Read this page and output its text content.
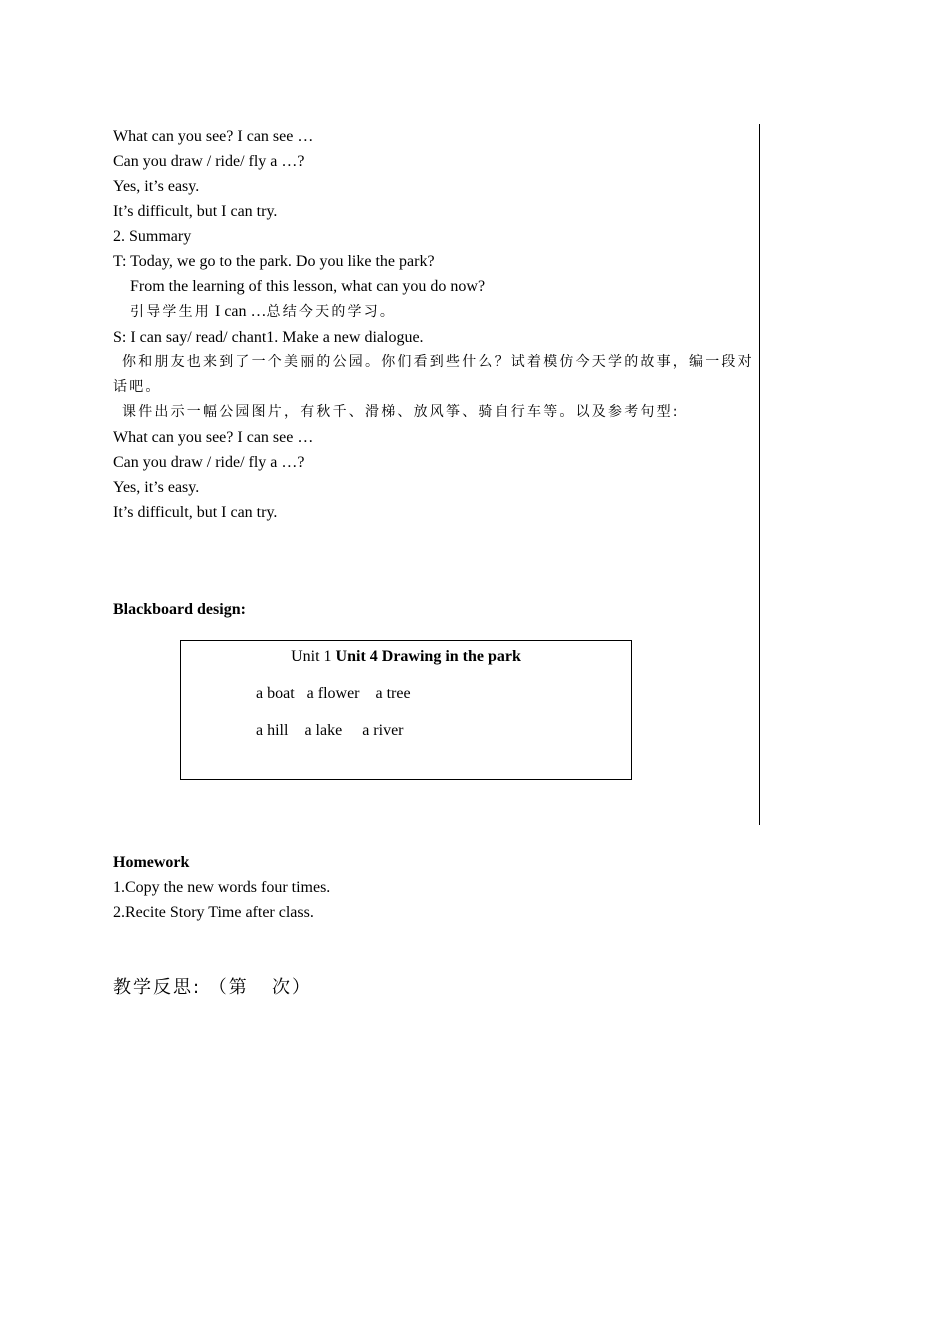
What can you see? I can see …
Can you draw / ride/ fly a …?
Yes, it’s easy.
It’s difficult, but I can try.
2. Summary
T: Today, we go to the park. Do you like the park?
From the learning of this lesson, what can you do now?
引导学生用 I can …总结今天的学习。
S: I can say/ read/ chant1. Make a new dialogue.
你和朋友也来到了一个美丽的公园。你们看到些什么？试着模仿今天学的故事，编一段对话吧。
课件出示一幅公园图片，有秋千、滑梯、放风筝、骑自行车等。以及参考句型:
What can you see? I can see …
Can you draw / ride/ fly a …?
Yes, it’s easy.
It’s difficult, but I can try.
Blackboard design:
Unit 1 Unit 4 Drawing in the park
a boat   a flower    a tree
a hill    a lake     a river
Homework
1.Copy the new words four times.
2.Recite Story Time after class.
教学反思: （第   次）
